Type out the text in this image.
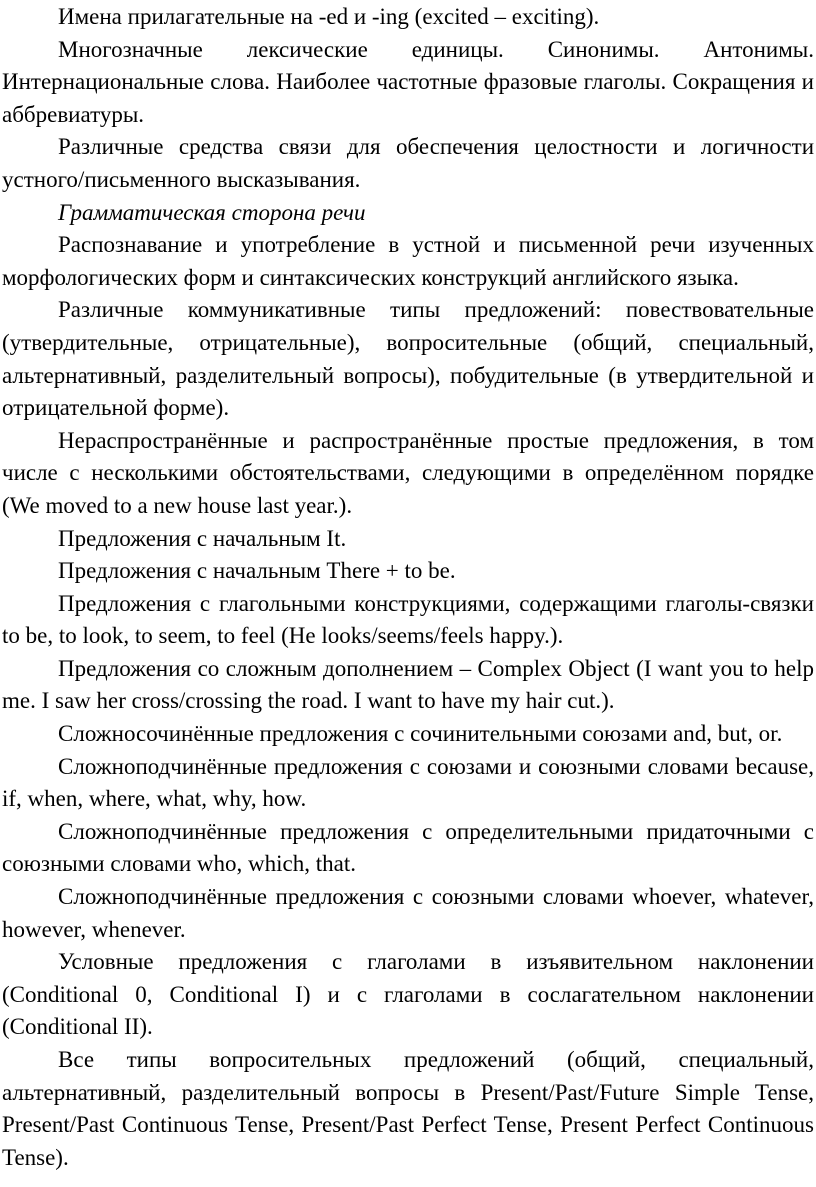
Имена прилагательные на -ed и -ing (excited – exciting).

Многозначные лексические единицы. Синонимы. Антонимы. Интернациональные слова. Наиболее частотные фразовые глаголы. Сокращения и аббревиатуры.

Различные средства связи для обеспечения целостности и логичности устного/письменного высказывания.

Грамматическая сторона речи

Распознавание и употребление в устной и письменной речи изученных морфологических форм и синтаксических конструкций английского языка.

Различные коммуникативные типы предложений: повествовательные (утвердительные, отрицательные), вопросительные (общий, специальный, альтернативный, разделительный вопросы), побудительные (в утвердительной и отрицательной форме).

Нераспространённые и распространённые простые предложения, в том числе с несколькими обстоятельствами, следующими в определённом порядке (We moved to a new house last year.).

Предложения с начальным It.

Предложения с начальным There + to be.

Предложения с глагольными конструкциями, содержащими глаголы-связки to be, to look, to seem, to feel (He looks/seems/feels happy.).

Предложения со сложным дополнением – Complex Object (I want you to help me. I saw her cross/crossing the road. I want to have my hair cut.).

Сложносочинённые предложения с сочинительными союзами and, but, or.

Сложноподчинённые предложения с союзами и союзными словами because, if, when, where, what, why, how.

Сложноподчинённые предложения с определительными придаточными с союзными словами who, which, that.

Сложноподчинённые предложения с союзными словами whoever, whatever, however, whenever.

Условные предложения с глаголами в изъявительном наклонении (Conditional 0, Conditional I) и с глаголами в сослагательном наклонении (Conditional II).

Все типы вопросительных предложений (общий, специальный, альтернативный, разделительный вопросы в Present/Past/Future Simple Tense, Present/Past Continuous Tense, Present/Past Perfect Tense, Present Perfect Continuous Tense).
